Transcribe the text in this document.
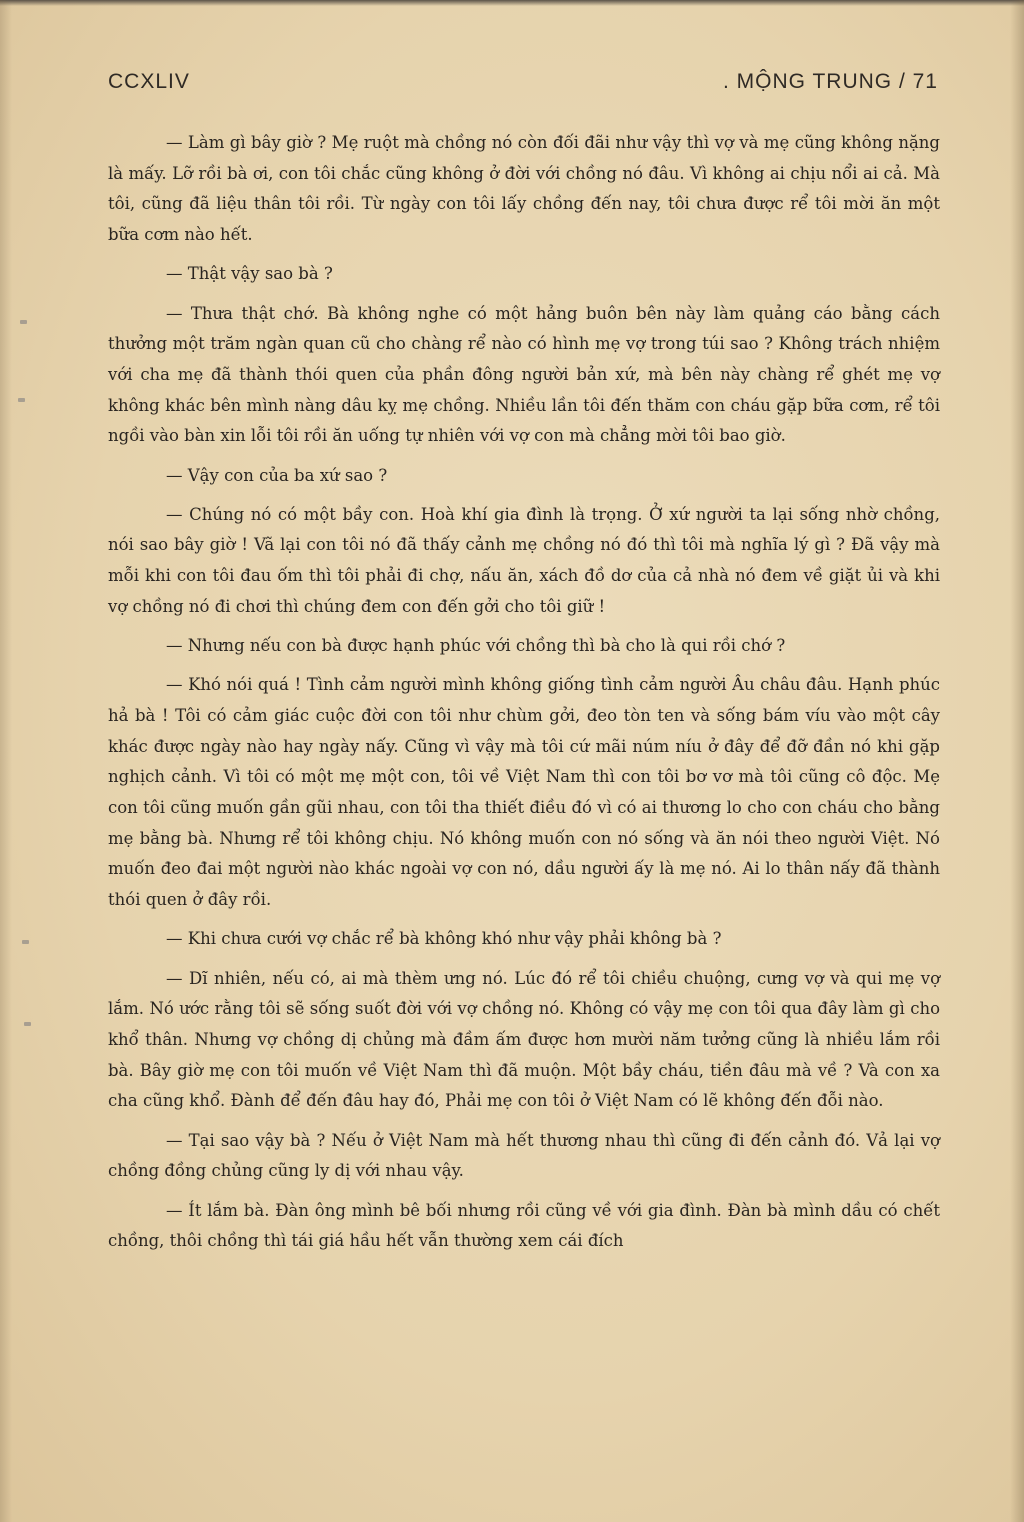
CCXLIV	. MỘNG TRUNG / 71

— Làm gì bây giờ ? Mẹ ruột mà chồng nó còn đối đãi như vậy thì vợ và mẹ cũng không nặng là mấy. Lỡ rồi bà ơi, con tôi chắc cũng không ở đời với chồng nó đâu. Vì không ai chịu nổi ai cả. Mà tôi, cũng đã liệu thân tôi rồi. Từ ngày con tôi lấy chồng đến nay, tôi chưa được rể tôi mời ăn một bữa cơm nào hết.

— Thật vậy sao bà ?

— Thưa thật chớ. Bà không nghe có một hảng buôn bên này làm quảng cáo bằng cách thưởng một trăm ngàn quan cũ cho chàng rể nào có hình mẹ vợ trong túi sao ? Không trách nhiệm với cha mẹ đã thành thói quen của phần đông người bản xứ, mà bên này chàng rể ghét mẹ vợ không khác bên mình nàng dâu kỵ mẹ chồng. Nhiều lần tôi đến thăm con cháu gặp bữa cơm, rể tôi ngồi vào bàn xin lỗi tôi rồi ăn uống tự nhiên với vợ con mà chẳng mời tôi bao giờ.

— Vậy con của ba xứ sao ?

— Chúng nó có một bầy con. Hoà khí gia đình là trọng. Ở xứ người ta lại sống nhờ chồng, nói sao bây giờ ! Vã lại con tôi nó đã thấy cảnh mẹ chồng nó đó thì tôi mà nghĩa lý gì ? Đã vậy mà mỗi khi con tôi đau ốm thì tôi phải đi chợ, nấu ăn, xách đồ dơ của cả nhà nó đem về giặt ủi và khi vợ chồng nó đi chơi thì chúng đem con đến gởi cho tôi giữ !

— Nhưng nếu con bà được hạnh phúc với chồng thì bà cho là qui rồi chớ ?

— Khó nói quá ! Tình cảm người mình không giống tình cảm người Âu châu đâu. Hạnh phúc hả bà ! Tôi có cảm giác cuộc đời con tôi như chùm gởi, đeo tòn ten và sống bám víu vào một cây khác được ngày nào hay ngày nấy. Cũng vì vậy mà tôi cứ mãi núm níu ở đây để đỡ đần nó khi gặp nghịch cảnh. Vì tôi có một mẹ một con, tôi về Việt Nam thì con tôi bơ vơ mà tôi cũng cô độc. Mẹ con tôi cũng muốn gần gũi nhau, con tôi tha thiết điều đó vì có ai thương lo cho con cháu cho bằng mẹ bằng bà. Nhưng rể tôi không chịu. Nó không muốn con nó sống và ăn nói theo người Việt. Nó muốn đeo đai một người nào khác ngoài vợ con nó, dầu người ấy là mẹ nó. Ai lo thân nấy đã thành thói quen ở đây rồi.

— Khi chưa cưới vợ chắc rể bà không khó như vậy phải không bà ?

— Dĩ nhiên, nếu có, ai mà thèm ưng nó. Lúc đó rể tôi chiều chuộng, cưng vợ và qui mẹ vợ lắm. Nó ước rằng tôi sẽ sống suốt đời với vợ chồng nó. Không có vậy mẹ con tôi qua đây làm gì cho khổ thân. Nhưng vợ chồng dị chủng mà đầm ấm được hơn mười năm tưởng cũng là nhiều lắm rồi bà. Bây giờ mẹ con tôi muốn về Việt Nam thì đã muộn. Một bầy cháu, tiền đâu mà về ? Và con xa cha cũng khổ. Đành để đến đâu hay đó, Phải mẹ con tôi ở Việt Nam có lẽ không đến đỗi nào.

— Tại sao vậy bà ? Nếu ở Việt Nam mà hết thương nhau thì cũng đi đến cảnh đó. Vả lại vợ chồng đồng chủng cũng ly dị với nhau vậy.

— Ít lắm bà. Đàn ông mình bê bối nhưng rồi cũng về với gia đình. Đàn bà mình dầu có chết chồng, thôi chồng thì tái giá hầu hết vẫn thường xem cái đích
